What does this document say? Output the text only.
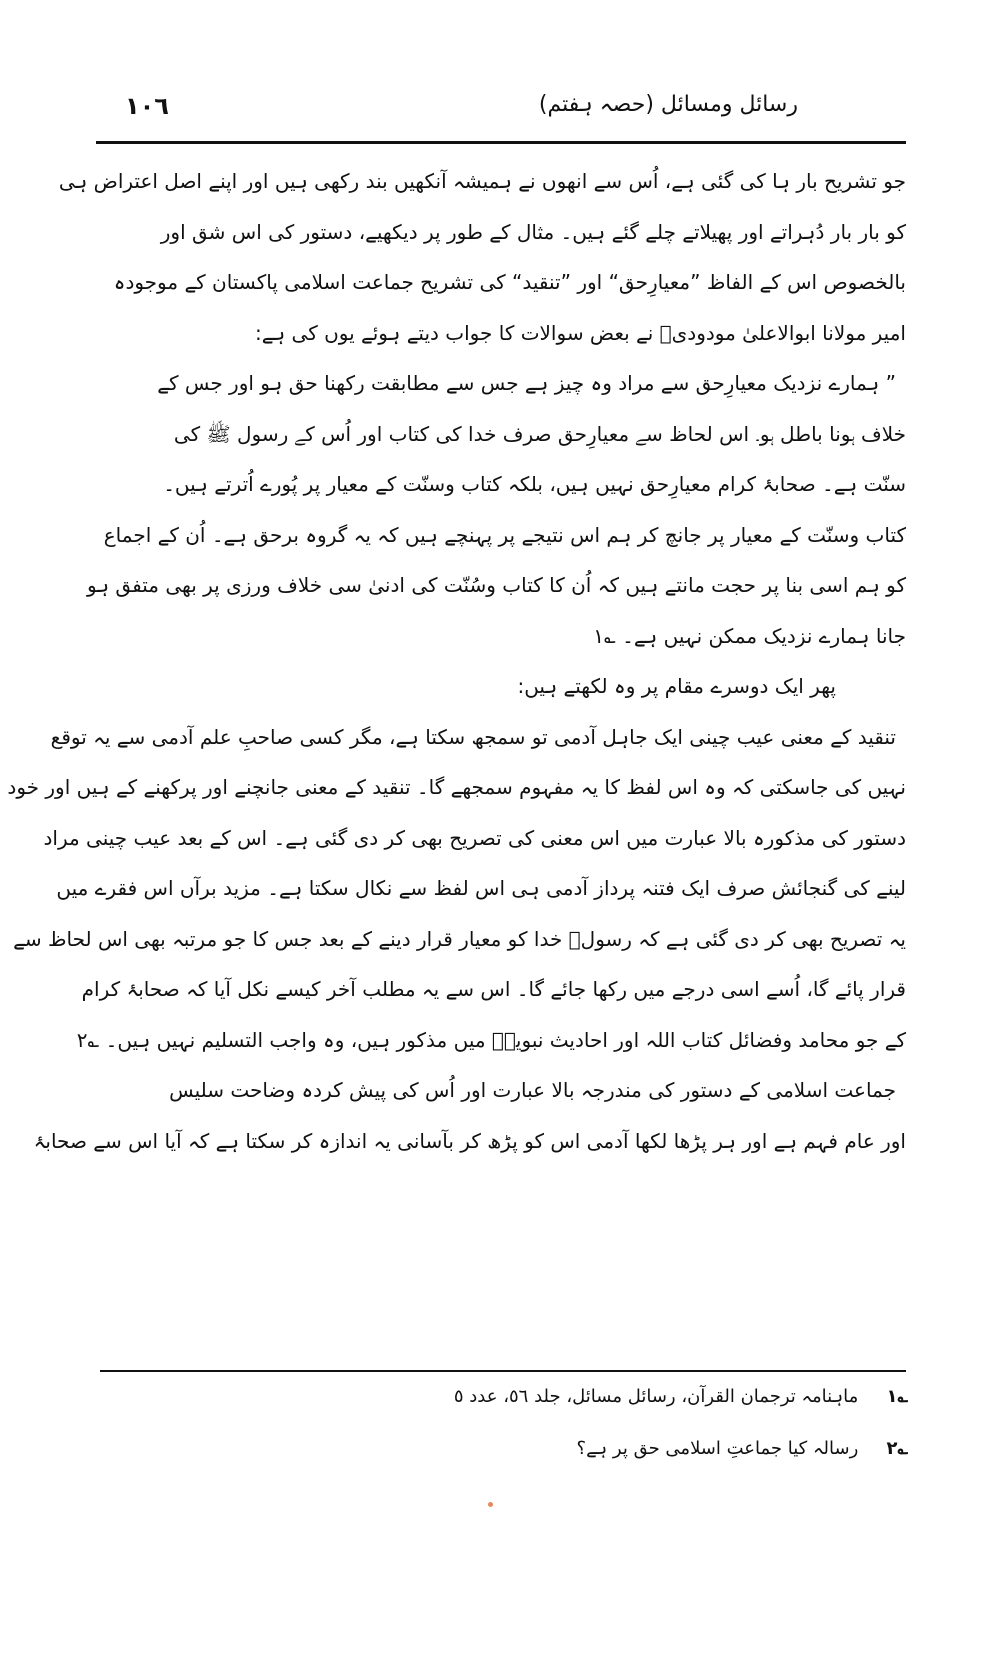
رسائل ومسائل (حصہ ہفتم)
١٠٦
جو تشریح بار ہا کی گئی ہے، اُس سے انھوں نے ہمیشہ آنکھیں بند رکھی ہیں اور اپنے اصل اعتراض ہی
کو بار بار دُہراتے اور پھیلاتے چلے گئے ہیں۔ مثال کے طور پر دیکھیے، دستور کی اس شق اور
بالخصوص اس کے الفاظ ”معیارِحق“ اور ”تنقید“ کی تشریح جماعت اسلامی پاکستان کے موجودہ
امیر مولانا ابوالاعلیٰ مودودیؒ نے بعض سوالات کا جواب دیتے ہوئے یوں کی ہے:
” ہمارے نزدیک معیارِحق سے مراد وہ چیز ہے جس سے مطابقت رکھنا حق ہو اور جس کے
خلاف ہونا باطل ہو۔ اس لحاظ سے معیارِحق صرف خدا کی کتاب اور اُس کے رسول ﷺ کی
سنّت ہے۔ صحابۂ کرام معیارِحق نہیں ہیں، بلکہ کتاب وسنّت کے معیار پر پُورے اُترتے ہیں۔
کتاب وسنّت کے معیار پر جانچ کر ہم اس نتیجے پر پہنچے ہیں کہ یہ گروہ برحق ہے۔ اُن کے اجماع
کو ہم اسی بنا پر حجت مانتے ہیں کہ اُن کا کتاب وسُنّت کی ادنیٰ سی خلاف ورزی پر بھی متفق ہو
جانا ہمارے نزدیک ممکن نہیں ہے۔ ؎۱
پھر ایک دوسرے مقام پر وہ لکھتے ہیں:
تنقید کے معنی عیب چینی ایک جاہل آدمی تو سمجھ سکتا ہے، مگر کسی صاحبِ علم آدمی سے یہ توقع
نہیں کی جاسکتی کہ وہ اس لفظ کا یہ مفہوم سمجھے گا۔ تنقید کے معنی جانچنے اور پرکھنے کے ہیں اور خود
دستور کی مذکورہ بالا عبارت میں اس معنی کی تصریح بھی کر دی گئی ہے۔ اس کے بعد عیب چینی مراد
لینے کی گنجائش صرف ایک فتنہ پرداز آدمی ہی اس لفظ سے نکال سکتا ہے۔ مزید برآں اس فقرے میں
یہ تصریح بھی کر دی گئی ہے کہ رسولؐ خدا کو معیار قرار دینے کے بعد جس کا جو مرتبہ بھی اس لحاظ سے
قرار پائے گا، اُسے اسی درجے میں رکھا جائے گا۔ اس سے یہ مطلب آخر کیسے نکل آیا کہ صحابۂ کرام
کے جو محامد وفضائل کتاب اللہ اور احادیث نبویہؐ میں مذکور ہیں، وہ واجب التسلیم نہیں ہیں۔ ؎۲
جماعت اسلامی کے دستور کی مندرجہ بالا عبارت اور اُس کی پیش کردہ وضاحت سلیس
اور عام فہم ہے اور ہر پڑھا لکھا آدمی اس کو پڑھ کر بآسانی یہ اندازہ کر سکتا ہے کہ آیا اس سے صحابۂ
؎۱ ماہنامہ ترجمان القرآن، رسائل مسائل، جلد ٥٦، عدد ٥
؎۲ رسالہ کیا جماعتِ اسلامی حق پر ہے؟
